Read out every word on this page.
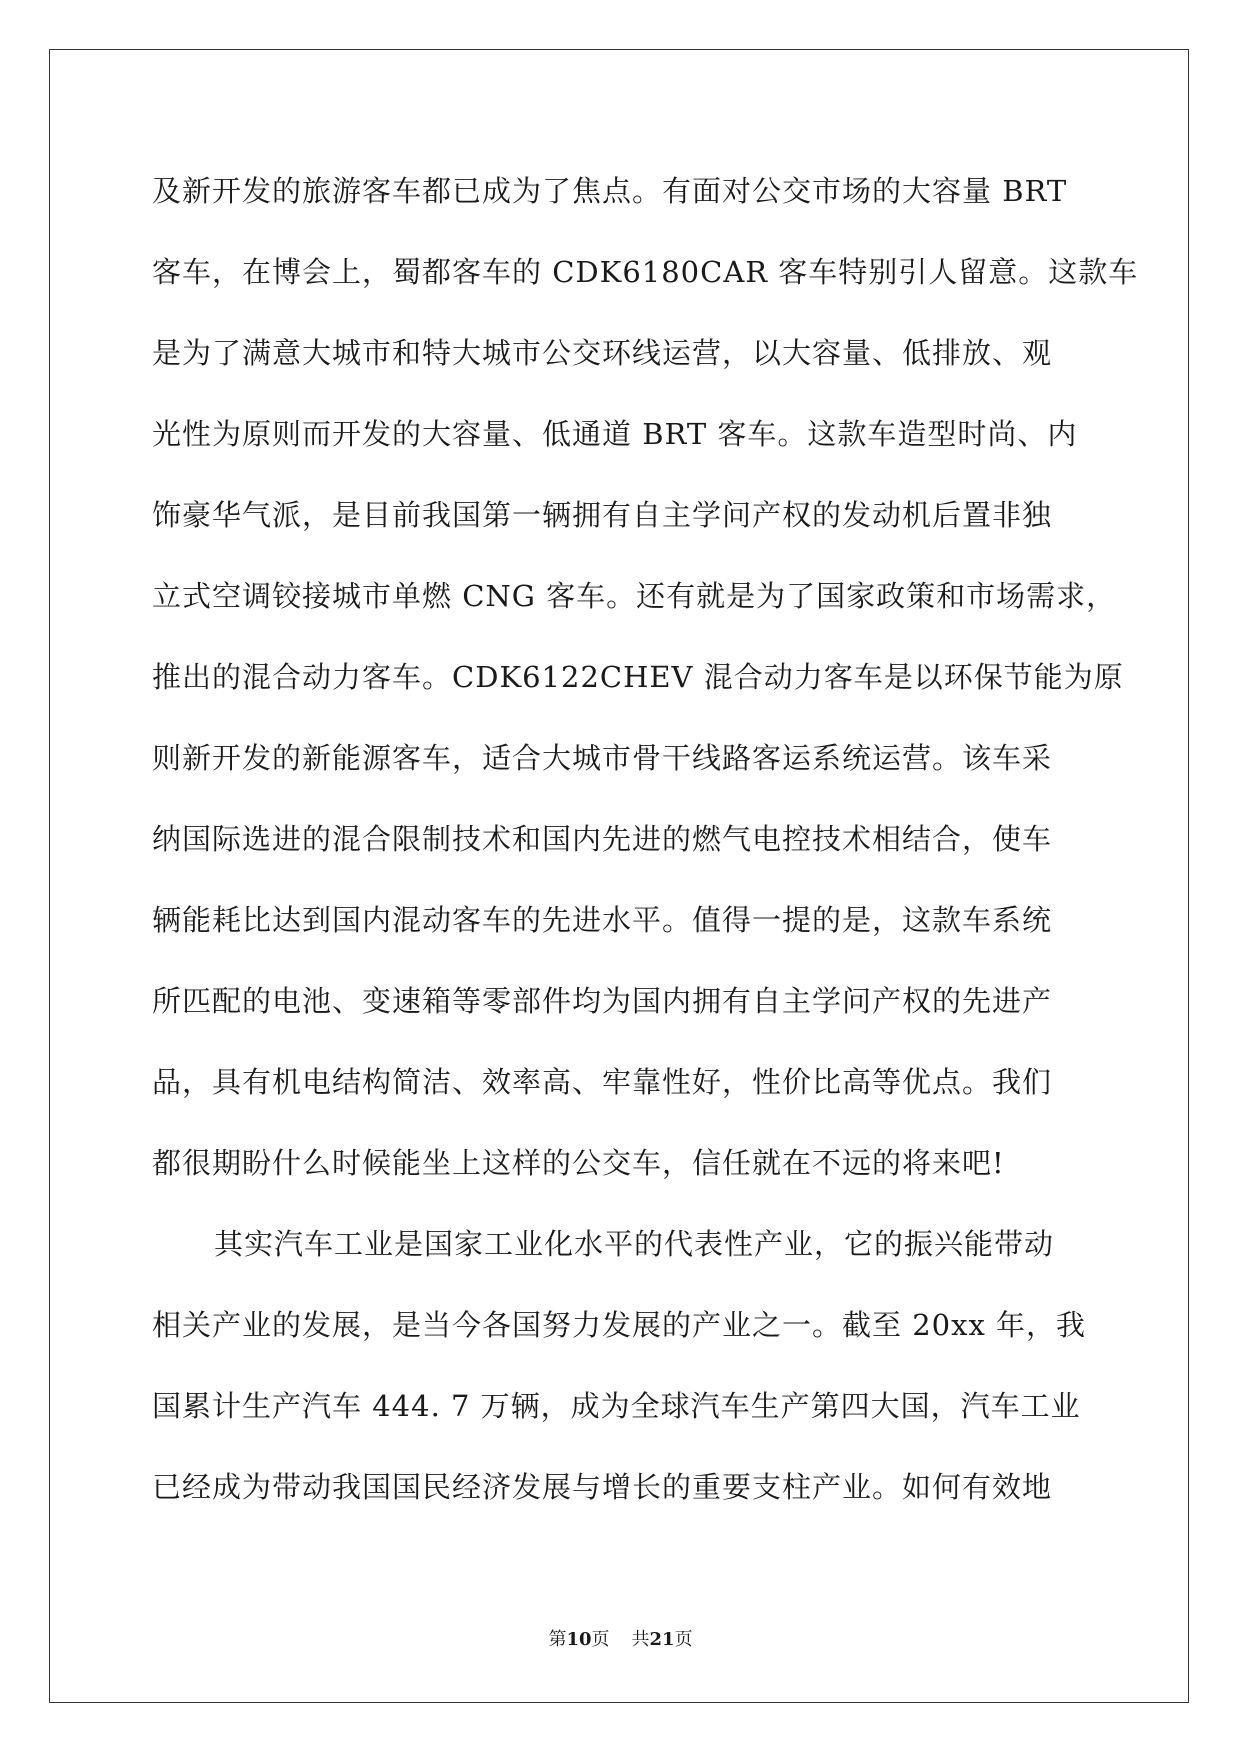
及新开发的旅游客车都已成为了焦点。有面对公交市场的大容量 BRT
客车，在博会上，蜀都客车的 CDK6180CAR 客车特别引人留意。这款车
是为了满意大城市和特大城市公交环线运营，以大容量、低排放、观
光性为原则而开发的大容量、低通道 BRT 客车。这款车造型时尚、内
饰豪华气派，是目前我国第一辆拥有自主学问产权的发动机后置非独
立式空调铰接城市单燃 CNG 客车。还有就是为了国家政策和市场需求，
推出的混合动力客车。CDK6122CHEV 混合动力客车是以环保节能为原
则新开发的新能源客车，适合大城市骨干线路客运系统运营。该车采
纳国际选进的混合限制技术和国内先进的燃气电控技术相结合，使车
辆能耗比达到国内混动客车的先进水平。值得一提的是，这款车系统
所匹配的电池、变速箱等零部件均为国内拥有自主学问产权的先进产
品，具有机电结构简洁、效率高、牢靠性好，性价比高等优点。我们
都很期盼什么时候能坐上这样的公交车，信任就在不远的将来吧!
其实汽车工业是国家工业化水平的代表性产业，它的振兴能带动
相关产业的发展，是当今各国努力发展的产业之一。截至 20xx 年，我
国累计生产汽车 444. 7 万辆，成为全球汽车生产第四大国，汽车工业
已经成为带动我国国民经济发展与增长的重要支柱产业。如何有效地
第10页 共21页
